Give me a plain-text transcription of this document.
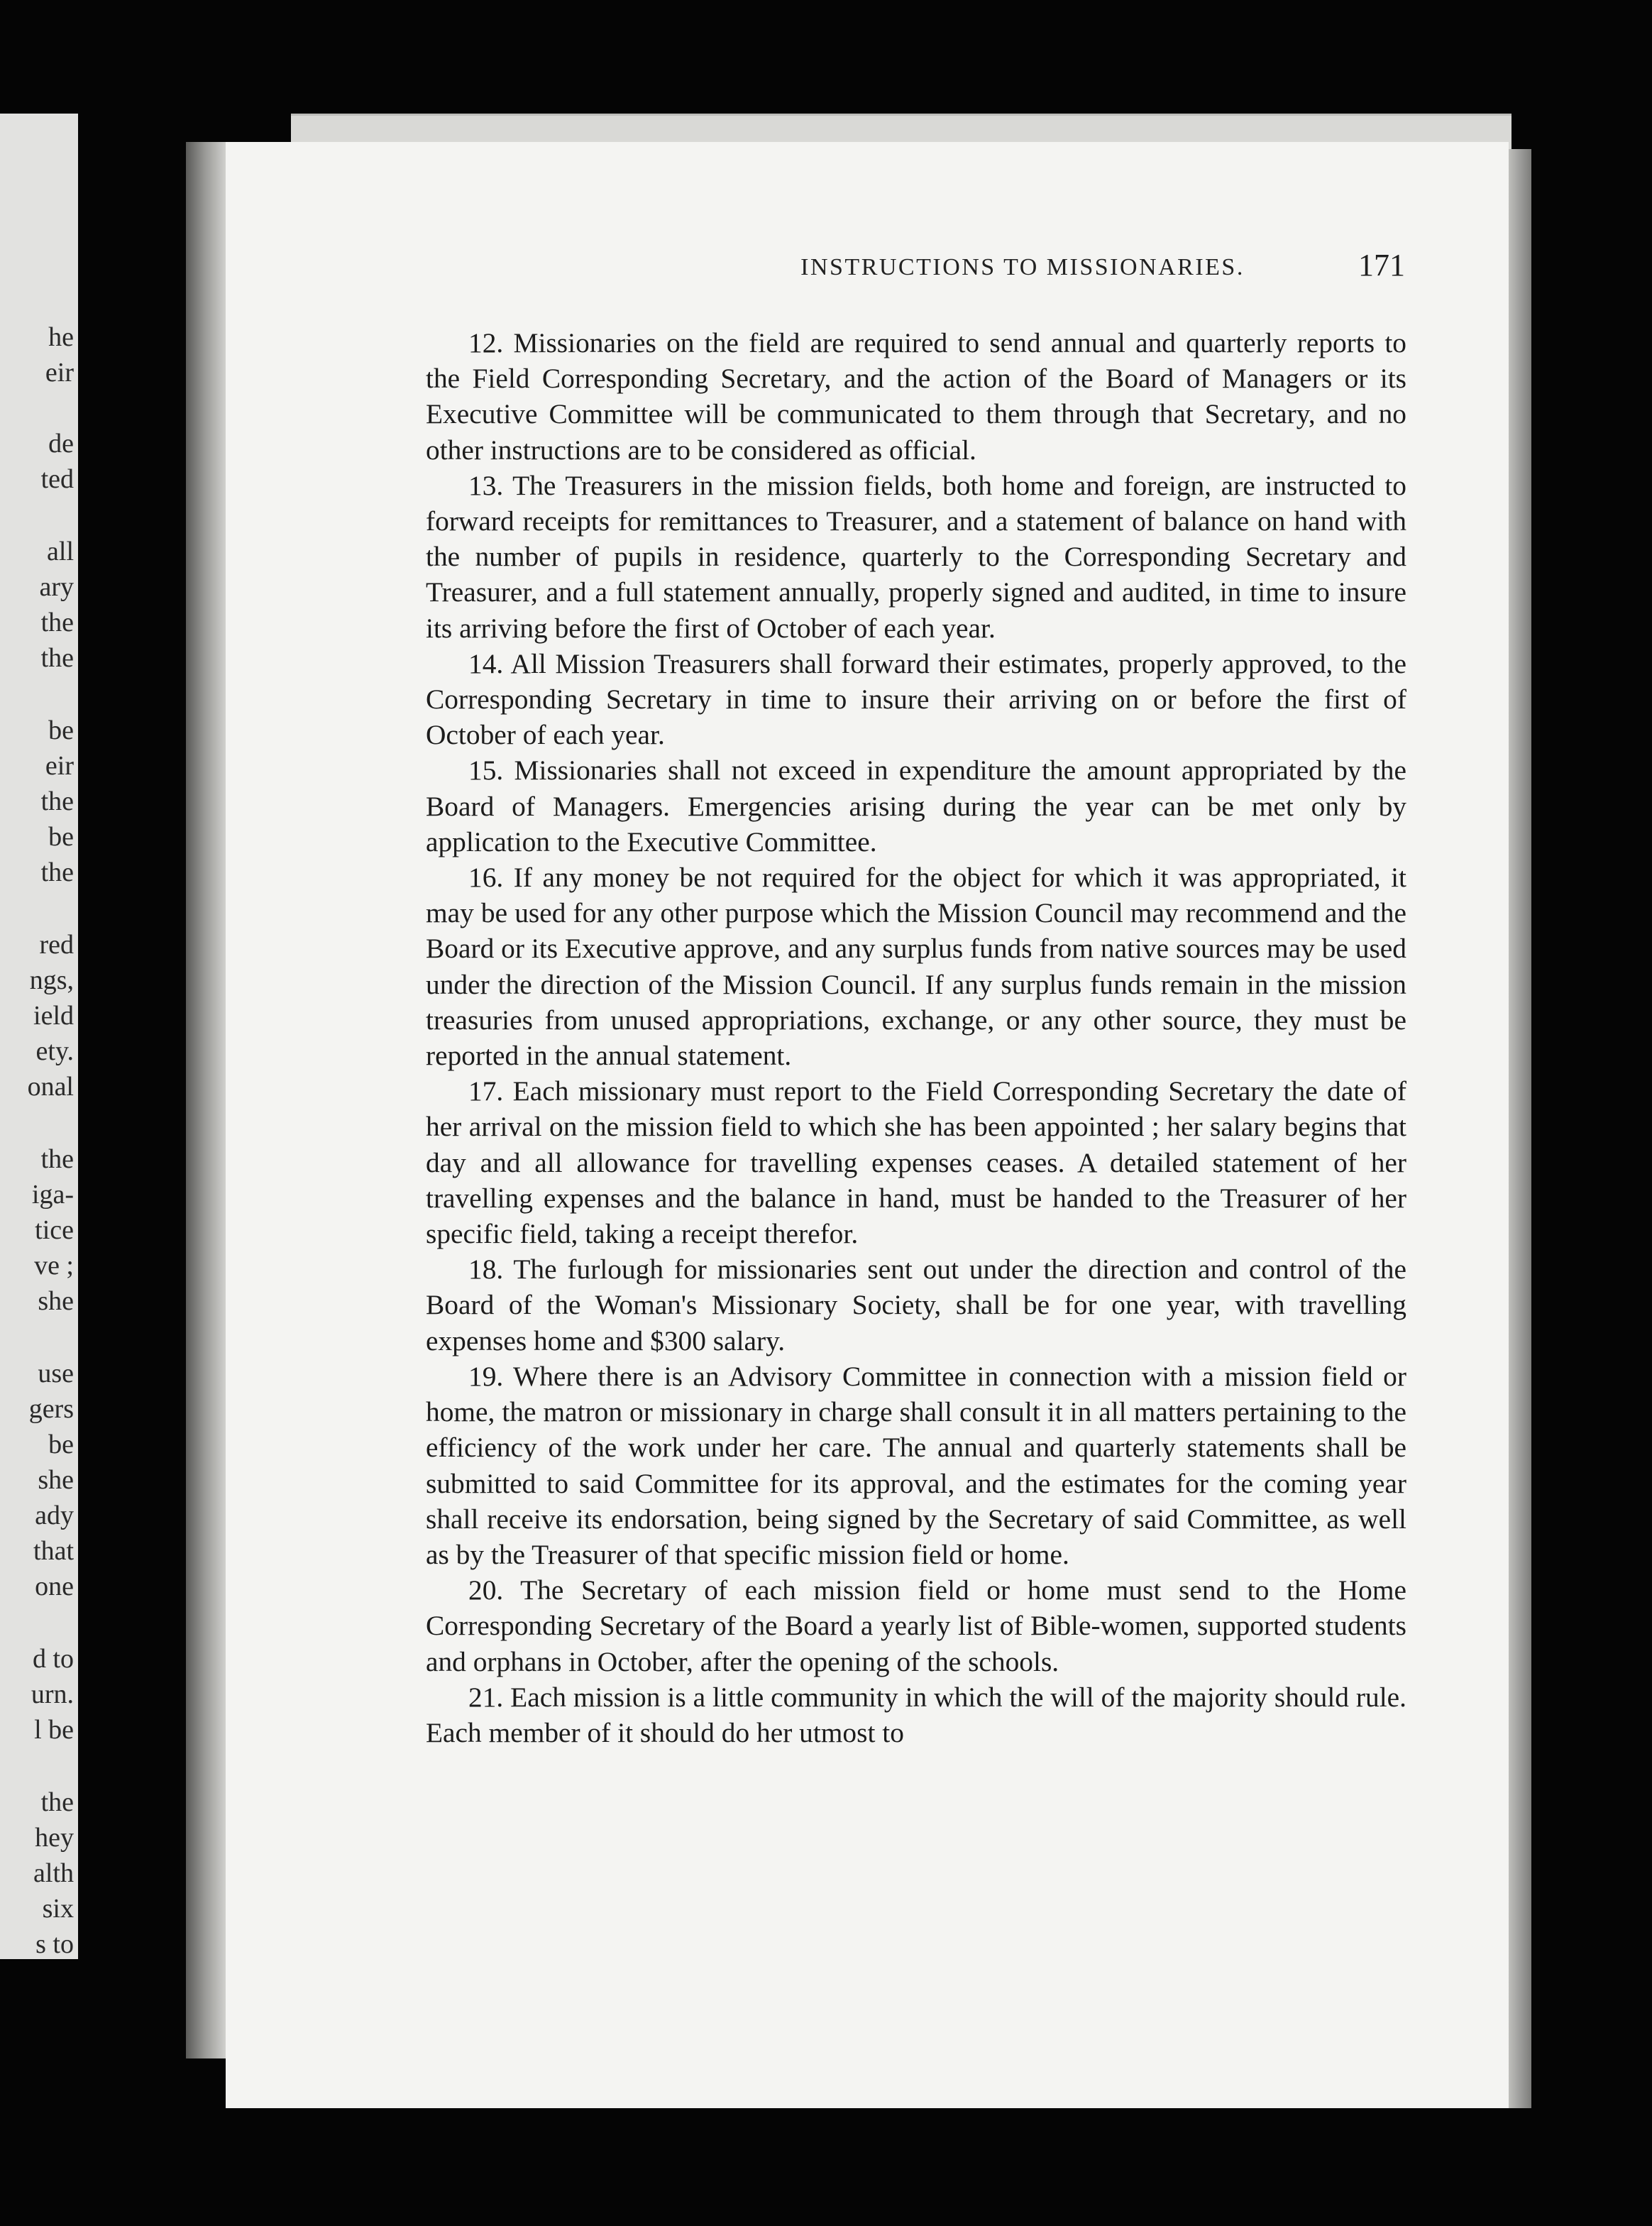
he
eir
de
ted
all
ary
the
the
be
eir
the
be
the
red
ngs,
ield
ety.
onal
the
iga-
tice
ve ;
she
use
gers
be
she
ady
that
one
d to
urn.
l be
the
hey
alth
six
s to
INSTRUCTIONS TO MISSIONARIES.	171

12. Missionaries on the field are required to send annual and quarterly reports to the Field Corresponding Secretary, and the action of the Board of Managers or its Executive Committee will be communicated to them through that Secretary, and no other instructions are to be considered as official.

13. The Treasurers in the mission fields, both home and foreign, are instructed to forward receipts for remittances to Treasurer, and a statement of balance on hand with the number of pupils in residence, quarterly to the Corresponding Secretary and Treasurer, and a full statement annually, properly signed and audited, in time to insure its arriving before the first of October of each year.

14. All Mission Treasurers shall forward their estimates, properly approved, to the Corresponding Secretary in time to insure their arriving on or before the first of October of each year.

15. Missionaries shall not exceed in expenditure the amount appropriated by the Board of Managers. Emergencies arising during the year can be met only by application to the Executive Committee.

16. If any money be not required for the object for which it was appropriated, it may be used for any other purpose which the Mission Council may recommend and the Board or its Executive approve, and any surplus funds from native sources may be used under the direction of the Mission Council. If any surplus funds remain in the mission treasuries from unused appropriations, exchange, or any other source, they must be reported in the annual statement.

17. Each missionary must report to the Field Corresponding Secretary the date of her arrival on the mission field to which she has been appointed ; her salary begins that day and all allowance for travelling expenses ceases. A detailed statement of her travelling expenses and the balance in hand, must be handed to the Treasurer of her specific field, taking a receipt therefor.

18. The furlough for missionaries sent out under the direction and control of the Board of the Woman's Missionary Society, shall be for one year, with travelling expenses home and $300 salary.

19. Where there is an Advisory Committee in connection with a mission field or home, the matron or missionary in charge shall consult it in all matters pertaining to the efficiency of the work under her care. The annual and quarterly statements shall be submitted to said Committee for its approval, and the estimates for the coming year shall receive its endorsation, being signed by the Secretary of said Committee, as well as by the Treasurer of that specific mission field or home.

20. The Secretary of each mission field or home must send to the Home Corresponding Secretary of the Board a yearly list of Bible-women, supported students and orphans in October, after the opening of the schools.

21. Each mission is a little community in which the will of the majority should rule. Each member of it should do her utmost to
